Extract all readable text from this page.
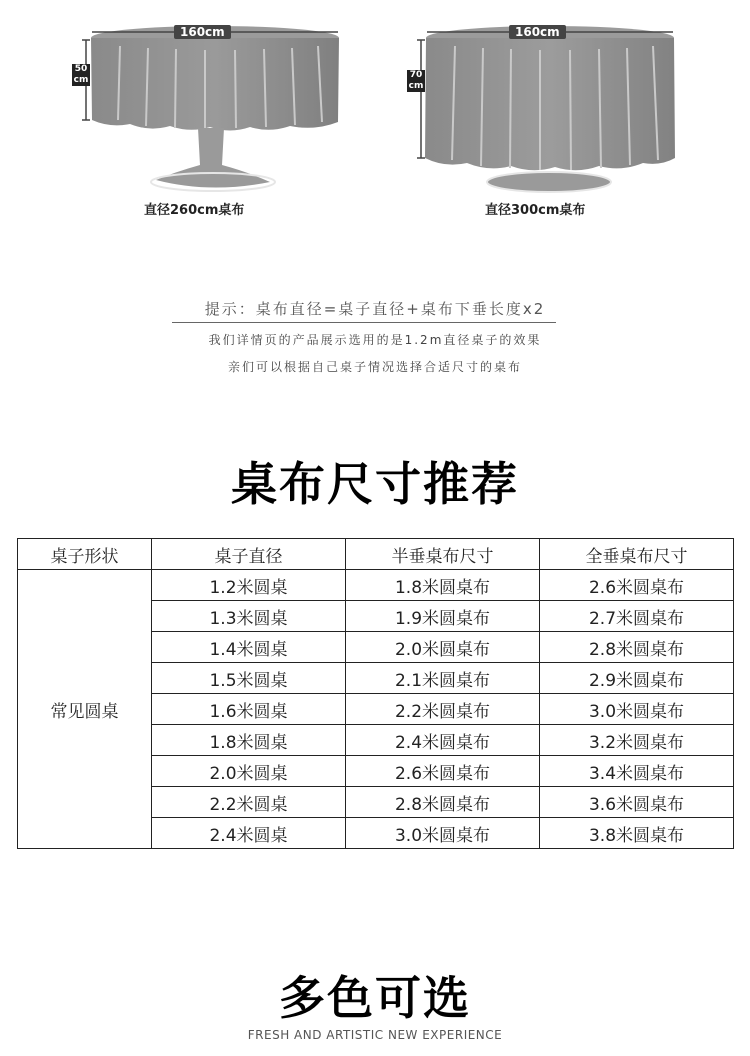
160cm
50
cm
直径260cm桌布
160cm
70
cm
直径300cm桌布
提示：桌布直径=桌子直径+桌布下垂长度x2
我们详情页的产品展示选用的是1.2m直径桌子的效果
亲们可以根据自己桌子情况选择合适尺寸的桌布
桌布尺寸推荐
桌子形状	桌子直径	半垂桌布尺寸	全垂桌布尺寸
常见圆桌	1.2米圆桌	1.8米圆桌布	2.6米圆桌布
	1.3米圆桌	1.9米圆桌布	2.7米圆桌布
	1.4米圆桌	2.0米圆桌布	2.8米圆桌布
	1.5米圆桌	2.1米圆桌布	2.9米圆桌布
	1.6米圆桌	2.2米圆桌布	3.0米圆桌布
	1.8米圆桌	2.4米圆桌布	3.2米圆桌布
	2.0米圆桌	2.6米圆桌布	3.4米圆桌布
	2.2米圆桌	2.8米圆桌布	3.6米圆桌布
	2.4米圆桌	3.0米圆桌布	3.8米圆桌布
多色可选
FRESH AND ARTISTIC NEW EXPERIENCE
